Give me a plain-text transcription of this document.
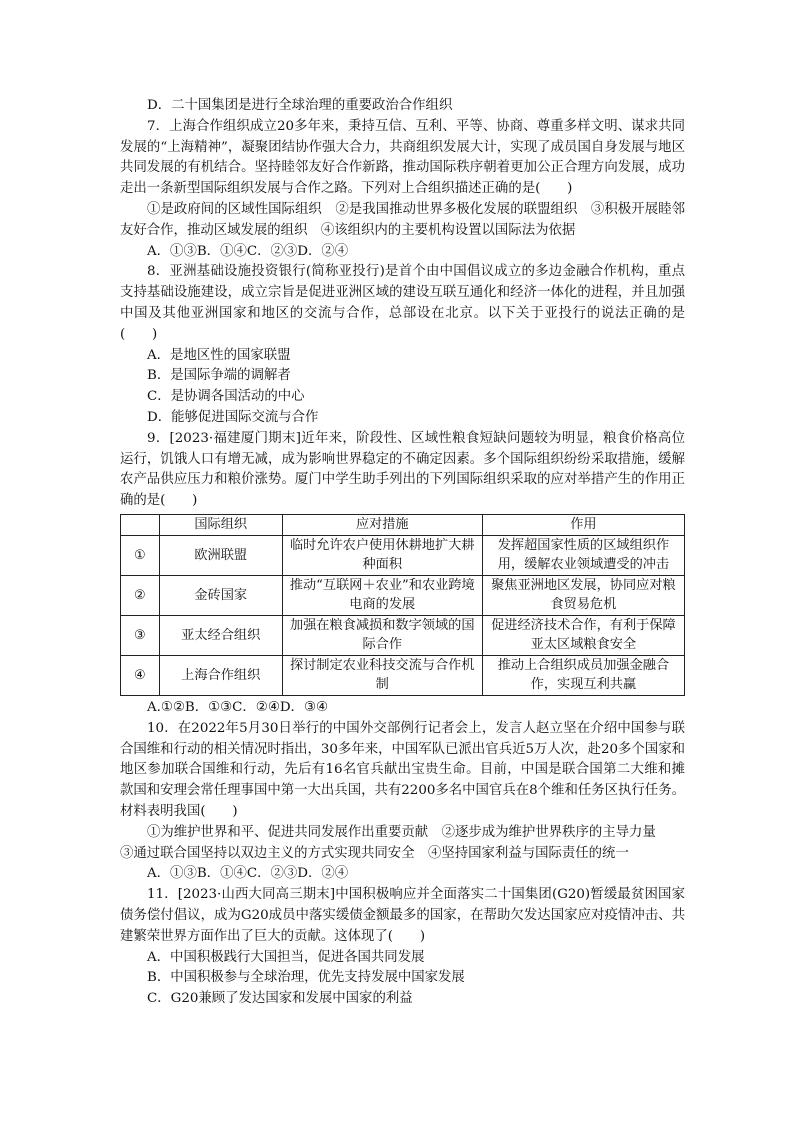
D．二十国集团是进行全球治理的重要政治合作组织

7．上海合作组织成立20多年来，秉持互信、互利、平等、协商、尊重多样文明、谋求共同发展的“上海精神”，凝聚团结协作强大合力，共商组织发展大计，实现了成员国自身发展与地区共同发展的有机结合。坚持睦邻友好合作新路，推动国际秩序朝着更加公正合理方向发展，成功走出一条新型国际组织发展与合作之路。下列对上合组织描述正确的是(　　)

①是政府间的区域性国际组织　②是我国推动世界多极化发展的联盟组织　③积极开展睦邻友好合作，推动区域发展的组织　④该组织内的主要机构设置以国际法为依据

A．①③B．①④C．②③D．②④

8．亚洲基础设施投资银行(简称亚投行)是首个由中国倡议成立的多边金融合作机构，重点支持基础设施建设，成立宗旨是促进亚洲区域的建设互联互通化和经济一体化的进程，并且加强中国及其他亚洲国家和地区的交流与合作，总部设在北京。以下关于亚投行的说法正确的是(　　)

A．是地区性的国家联盟

B．是国际争端的调解者

C．是协调各国活动的中心

D．能够促进国际交流与合作

9．[2023·福建厦门期末]近年来，阶段性、区域性粮食短缺问题较为明显，粮食价格高位运行，饥饿人口有增无减，成为影响世界稳定的不确定因素。多个国际组织纷纷采取措施，缓解农产品供应压力和粮价涨势。厦门中学生助手列出的下列国际组织采取的应对举措产生的作用正确的是(　　)

	国际组织	应对措施	作用
①	欧洲联盟	临时允许农户使用休耕地扩大耕种面积	发挥超国家性质的区域组织作用，缓解农业领域遭受的冲击
②	金砖国家	推动“互联网＋农业”和农业跨境电商的发展	聚焦亚洲地区发展，协同应对粮食贸易危机
③	亚太经合组织	加强在粮食减损和数字领域的国际合作	促进经济技术合作，有利于保障亚太区域粮食安全
④	上海合作组织	探讨制定农业科技交流与合作机制	推动上合组织成员加强金融合作，实现互利共赢

A.①②B．①③C．②④D．③④

10．在2022年5月30日举行的中国外交部例行记者会上，发言人赵立坚在介绍中国参与联合国维和行动的相关情况时指出，30多年来，中国军队已派出官兵近5万人次，赴20多个国家和地区参加联合国维和行动，先后有16名官兵献出宝贵生命。目前，中国是联合国第二大维和摊款国和安理会常任理事国中第一大出兵国，共有2200多名中国官兵在8个维和任务区执行任务。材料表明我国(　　)

①为维护世界和平、促进共同发展作出重要贡献　②逐步成为维护世界秩序的主导力量

③通过联合国坚持以双边主义的方式实现共同安全　④坚持国家利益与国际责任的统一

A．①③B．①④C．②③D．②④

11．[2023·山西大同高三期末]中国积极响应并全面落实二十国集团(G20)暂缓最贫困国家债务偿付倡议，成为G20成员中落实缓债金额最多的国家，在帮助欠发达国家应对疫情冲击、共建繁荣世界方面作出了巨大的贡献。这体现了(　　)

A．中国积极践行大国担当，促进各国共同发展

B．中国积极参与全球治理，优先支持发展中国家发展

C．G20兼顾了发达国家和发展中国家的利益
